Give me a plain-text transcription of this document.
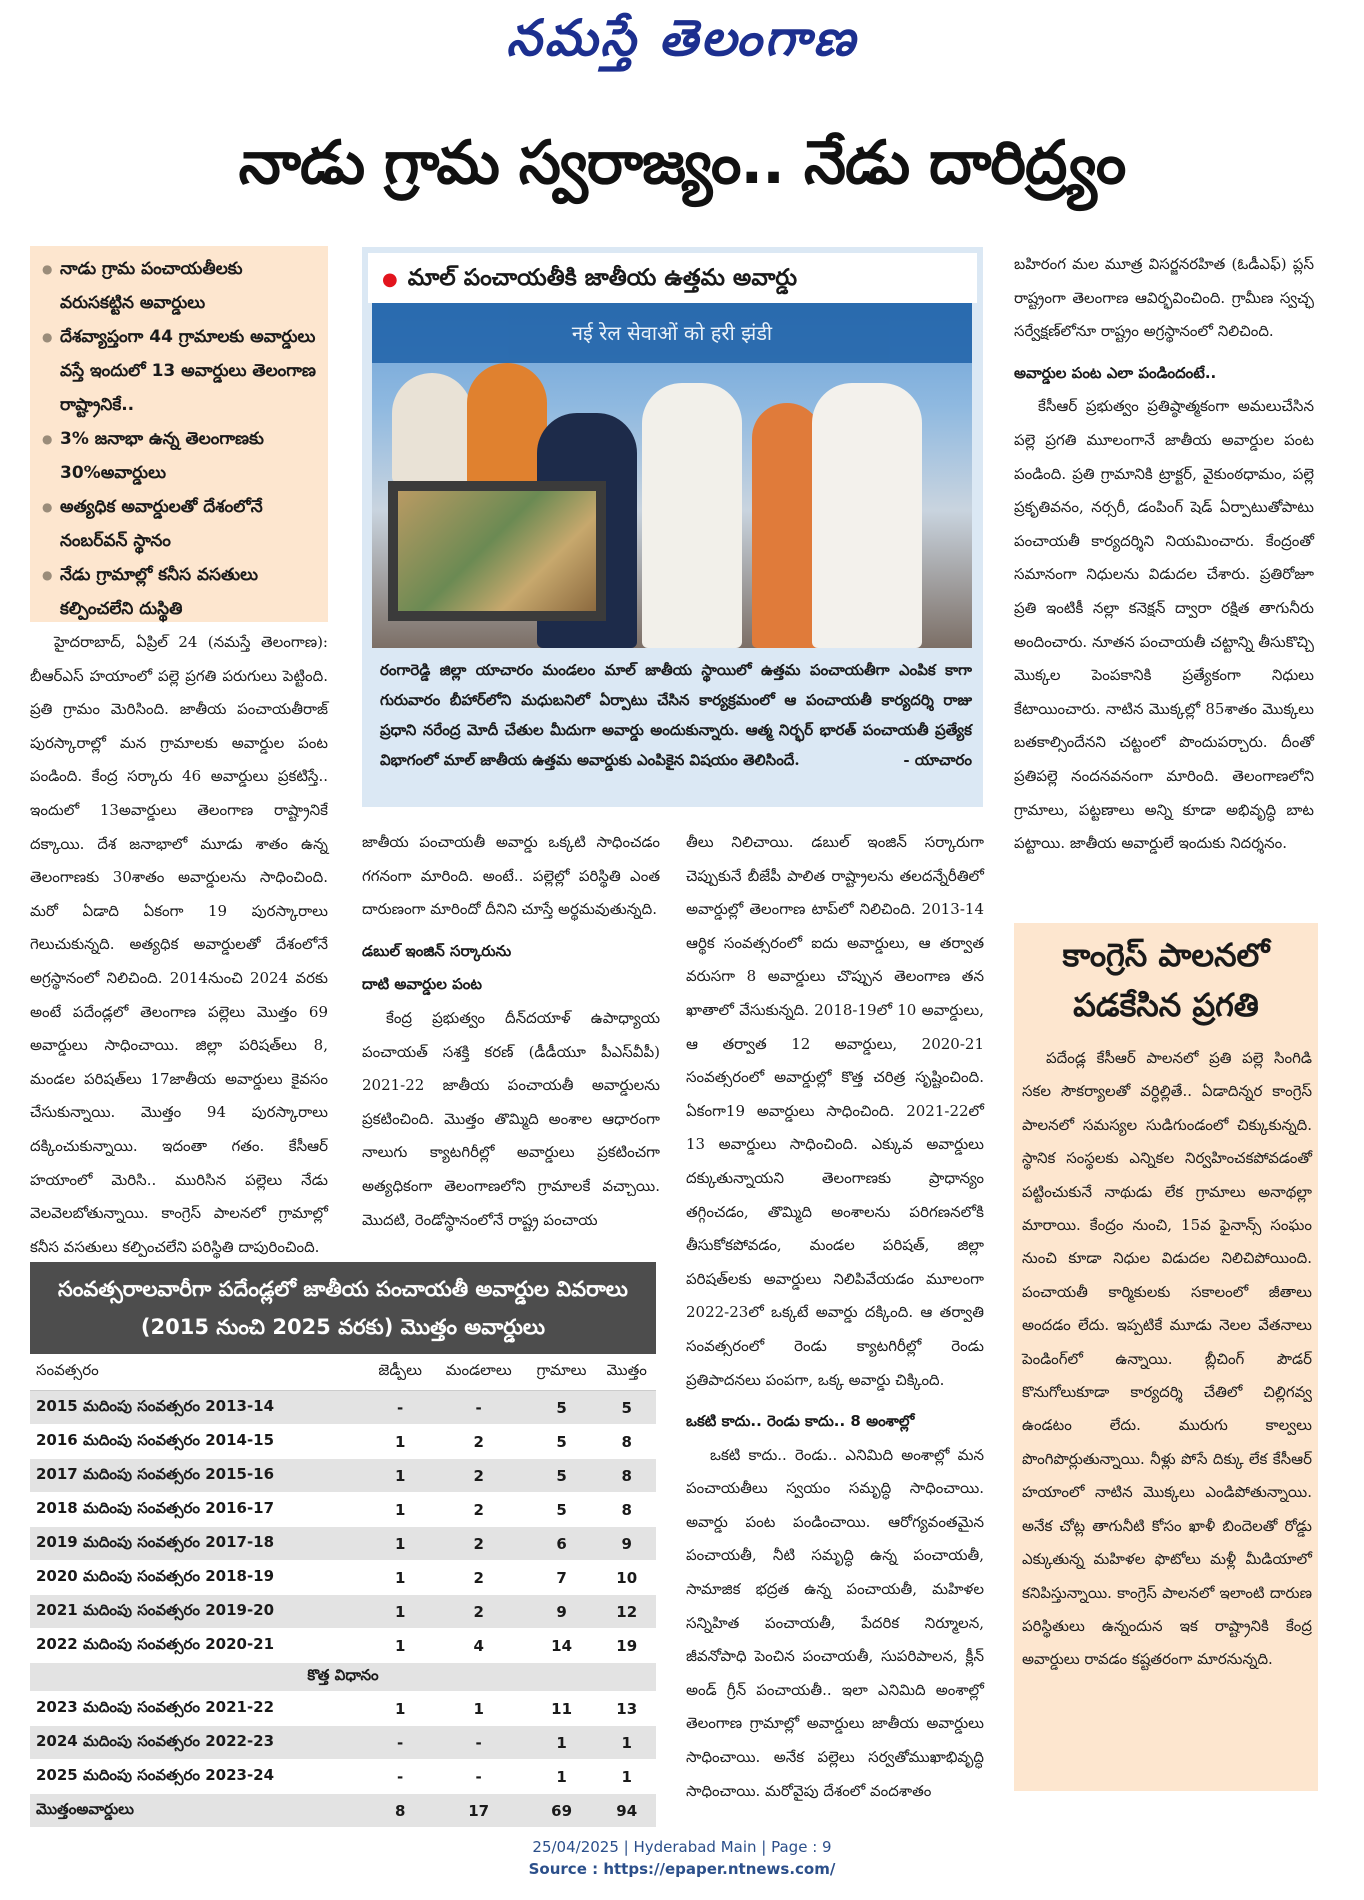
నమస్తే తెలంగాణ
నాడు గ్రామ స్వరాజ్యం.. నేడు దారిద్ర్యం
● నాడు గ్రామ పంచాయతీలకు వరుసకట్టిన అవార్డులు
● దేశవ్యాప్తంగా 44 గ్రామాలకు అవార్డులు వస్తే ఇందులో 13 అవార్డులు తెలంగాణ రాష్ట్రానికే..
● 3% జనాభా ఉన్న తెలంగాణకు 30%అవార్డులు
● అత్యధిక అవార్డులతో దేశంలోనే నంబర్‌వన్ స్థానం
● నేడు గ్రామాల్లో కనీస వసతులు కల్పించలేని దుస్థితి

హైదరాబాద్, ఏప్రిల్ 24 (నమస్తే తెలంగాణ): బీఆర్ఎస్ హయాంలో పల్లె ప్రగతి పరుగులు పెట్టింది. ప్రతి గ్రామం మెరిసింది. జాతీయ పంచాయతీరాజ్ పురస్కారాల్లో మన గ్రామాలకు అవార్డుల పంట పండింది. కేంద్ర సర్కారు 46 అవార్డులు ప్రకటిస్తే.. ఇందులో 13అవార్డులు తెలంగాణ రాష్ట్రానికే దక్కాయి. దేశ జనాభాలో మూడు శాతం ఉన్న తెలంగాణకు 30శాతం అవార్డులను సాధించింది. మరో ఏడాది ఏకంగా 19 పురస్కారాలు గెలుచుకున్నది. అత్యధిక అవార్డులతో దేశంలోనే అగ్రస్థానంలో నిలిచింది. 2014నుంచి 2024 వరకు అంటే పదేండ్లలో తెలంగాణ పల్లెలు మొత్తం 69 అవార్డులు సాధించాయి. జిల్లా పరిషత్‌లు 8, మండల పరిషత్‌లు 17జాతీయ అవార్డులు కైవసం చేసుకున్నాయి. మొత్తం 94 పురస్కారాలు దక్కించుకున్నాయి. ఇదంతా గతం. కేసీఆర్ హయాంలో మెరిసి.. మురిసిన పల్లెలు నేడు వెలవెలబోతున్నాయి. కాంగ్రెస్ పాలనలో గ్రామాల్లో కనీస వసతులు కల్పించలేని పరిస్థితి దాపురించింది.

● మాల్ పంచాయతీకి జాతీయ ఉత్తమ అవార్డు
नई रेल सेवाओं को हरी झंडी
రంగారెడ్డి జిల్లా యాచారం మండలం మాల్ జాతీయ స్థాయిలో ఉత్తమ పంచాయతీగా ఎంపిక కాగా గురువారం బీహార్‌లోని మధుబనిలో ఏర్పాటు చేసిన కార్యక్రమంలో ఆ పంచాయతీ కార్యదర్శి రాజు ప్రధాని నరేంద్ర మోదీ చేతుల మీదుగా అవార్డు అందుకున్నారు. ఆత్మ నిర్భర్ భారత్ పంచాయతీ ప్రత్యేక విభాగంలో మాల్ జాతీయ ఉత్తమ అవార్డుకు ఎంపికైన విషయం తెలిసిందే.	- యాచారం

జాతీయ పంచాయతీ అవార్డు ఒక్కటి సాధించడం గగనంగా మారింది. అంటే.. పల్లెల్లో పరిస్థితి ఎంత దారుణంగా మారిందో దీనిని చూస్తే అర్థమవుతున్నది.

డబుల్ ఇంజిన్ సర్కారును
దాటి అవార్డుల పంట

కేంద్ర ప్రభుత్వం దీన్‌దయాళ్ ఉపాధ్యాయ పంచాయత్ సశక్తి కరణ్ (డీడీయూ పీఎస్‌వీపీ) 2021-22 జాతీయ పంచాయతీ అవార్డులను ప్రకటించింది. మొత్తం తొమ్మిది అంశాల ఆధారంగా నాలుగు క్యాటగిరీల్లో అవార్డులు ప్రకటించగా అత్యధికంగా తెలంగాణలోని గ్రామాలకే వచ్చాయి. మొదటి, రెండోస్థానంలోనే రాష్ట్ర పంచాయ

తీలు నిలిచాయి. డబుల్ ఇంజిన్ సర్కారుగా చెప్పుకునే బీజేపీ పాలిత రాష్ట్రాలను తలదన్నేరీతిలో అవార్డుల్లో తెలంగాణ టాప్‌లో నిలిచింది. 2013-14 ఆర్థిక సంవత్సరంలో ఐదు అవార్డులు, ఆ తర్వాత వరుసగా 8 అవార్డులు చొప్పున తెలంగాణ తన ఖాతాలో వేసుకున్నది. 2018-19లో 10 అవార్డులు, ఆ తర్వాత 12 అవార్డులు, 2020-21 సంవత్సరంలో అవార్డుల్లో కొత్త చరిత్ర సృష్టించింది. ఏకంగా19 అవార్డులు సాధించింది. 2021-22లో 13 అవార్డులు సాధించింది. ఎక్కువ అవార్డులు దక్కుతున్నాయని తెలంగాణకు ప్రాధాన్యం తగ్గించడం, తొమ్మిది అంశాలను పరిగణనలోకి తీసుకోకపోవడం, మండల పరిషత్, జిల్లా పరిషత్‌లకు అవార్డులు నిలిపివేయడం మూలంగా 2022-23లో ఒక్కటే అవార్డు దక్కింది. ఆ తర్వాతి సంవత్సరంలో రెండు క్యాటగిరీల్లో రెండు ప్రతిపాదనలు పంపగా, ఒక్క అవార్డు చిక్కింది.

ఒకటి కాదు.. రెండు కాదు.. 8 అంశాల్లో

ఒకటి కాదు.. రెండు.. ఎనిమిది అంశాల్లో మన పంచాయతీలు స్వయం సమృద్ధి సాధించాయి. అవార్డు పంట పండించాయి. ఆరోగ్యవంతమైన పంచాయతీ, నీటి సమృద్ధి ఉన్న పంచాయతీ, సామాజిక భద్రత ఉన్న పంచాయతీ, మహిళల సన్నిహిత పంచాయతీ, పేదరిక నిర్మూలన, జీవనోపాధి పెంచిన పంచాయతీ, సుపరిపాలన, క్లీన్ అండ్ గ్రీన్ పంచాయతీ.. ఇలా ఎనిమిది అంశాల్లో తెలంగాణ గ్రామాల్లో అవార్డులు జాతీయ అవార్డులు సాధించాయి. అనేక పల్లెలు సర్వతోముఖాభివృద్ధి సాధించాయి. మరోవైపు దేశంలో వందశాతం

బహిరంగ మల మూత్ర విసర్జనరహిత (ఓడీఎఫ్) ప్లస్ రాష్ట్రంగా తెలంగాణ ఆవిర్భవించింది. గ్రామీణ స్వచ్ఛ సర్వేక్షణ్‌లోనూ రాష్ట్రం అగ్రస్థానంలో నిలిచింది.

అవార్డుల పంట ఎలా పండిందంటే..

కేసీఆర్ ప్రభుత్వం ప్రతిష్ఠాత్మకంగా అమలుచేసిన పల్లె ప్రగతి మూలంగానే జాతీయ అవార్డుల పంట పండింది. ప్రతి గ్రామానికి ట్రాక్టర్, వైకుంఠధామం, పల్లె ప్రకృతివనం, నర్సరీ, డంపింగ్ షెడ్ ఏర్పాటుతోపాటు పంచాయతీ కార్యదర్శిని నియమించారు. కేంద్రంతో సమానంగా నిధులను విడుదల చేశారు. ప్రతిరోజూ ప్రతి ఇంటికీ నల్లా కనెక్షన్ ద్వారా రక్షిత తాగునీరు అందించారు. నూతన పంచాయతీ చట్టాన్ని తీసుకొచ్చి మొక్కల పెంపకానికి ప్రత్యేకంగా నిధులు కేటాయించారు. నాటిన మొక్కల్లో 85శాతం మొక్కలు బతకాల్సిందేనని చట్టంలో పొందుపర్చారు. దీంతో ప్రతిపల్లె నందనవనంగా మారింది. తెలంగాణలోని గ్రామాలు, పట్టణాలు అన్ని కూడా అభివృద్ధి బాట పట్టాయి. జాతీయ అవార్డులే ఇందుకు నిదర్శనం.

కాంగ్రెస్ పాలనలో
పడకేసిన ప్రగతి

పదేండ్ల కేసీఆర్ పాలనలో ప్రతి పల్లె సింగిడి సకల సౌకర్యాలతో వర్ధిల్లితే.. ఏడాదిన్నర కాంగ్రెస్ పాలనలో సమస్యల సుడిగుండంలో చిక్కుకున్నది. స్థానిక సంస్థలకు ఎన్నికల నిర్వహించకపోవడంతో పట్టించుకునే నాథుడు లేక గ్రామాలు అనాథల్లా మారాయి. కేంద్రం నుంచి, 15వ ఫైనాన్స్ సంఘం నుంచి కూడా నిధుల విడుదల నిలిచిపోయింది. పంచాయతీ కార్మికులకు సకాలంలో జీతాలు అందడం లేదు. ఇప్పటికే మూడు నెలల వేతనాలు పెండింగ్‌లో ఉన్నాయి. బ్లీచింగ్ పౌడర్ కొనుగోలుకూడా కార్యదర్శి చేతిలో చిల్లిగవ్వ ఉండటం లేదు. మురుగు కాల్వలు పొంగిపొర్లుతున్నాయి. నీళ్లు పోసే దిక్కు లేక కేసీఆర్ హయాంలో నాటిన మొక్కలు ఎండిపోతున్నాయి. అనేక చోట్ల తాగునీటి కోసం ఖాళీ బిందెలతో రోడ్డు ఎక్కుతున్న మహిళల ఫొటోలు మళ్లీ మీడియాలో కనిపిస్తున్నాయి. కాంగ్రెస్ పాలనలో ఇలాంటి దారుణ పరిస్థితులు ఉన్నందున ఇక రాష్ట్రానికి కేంద్ర అవార్డులు రావడం కష్టతరంగా మారనున్నది.

సంవత్సరాలవారీగా పదేండ్లలో జాతీయ పంచాయతీ అవార్డుల వివరాలు (2015 నుంచి 2025 వరకు) మొత్తం అవార్డులు
సంవత్సరం	జెడ్పీలు	మండలాలు	గ్రామాలు	మొత్తం
2015 మదింపు సంవత్సరం 2013-14	-	-	5	5
2016 మదింపు సంవత్సరం 2014-15	1	2	5	8
2017 మదింపు సంవత్సరం 2015-16	1	2	5	8
2018 మదింపు సంవత్సరం 2016-17	1	2	5	8
2019 మదింపు సంవత్సరం 2017-18	1	2	6	9
2020 మదింపు సంవత్సరం 2018-19	1	2	7	10
2021 మదింపు సంవత్సరం 2019-20	1	2	9	12
2022 మదింపు సంవత్సరం 2020-21	1	4	14	19
కొత్త విధానం				
2023 మదింపు సంవత్సరం 2021-22	1	1	11	13
2024 మదింపు సంవత్సరం 2022-23	-	-	1	1
2025 మదింపు సంవత్సరం 2023-24	-	-	1	1
మొత్తంఅవార్డులు	8	17	69	94
25/04/2025 | Hyderabad Main | Page : 9
Source : https://epaper.ntnews.com/
